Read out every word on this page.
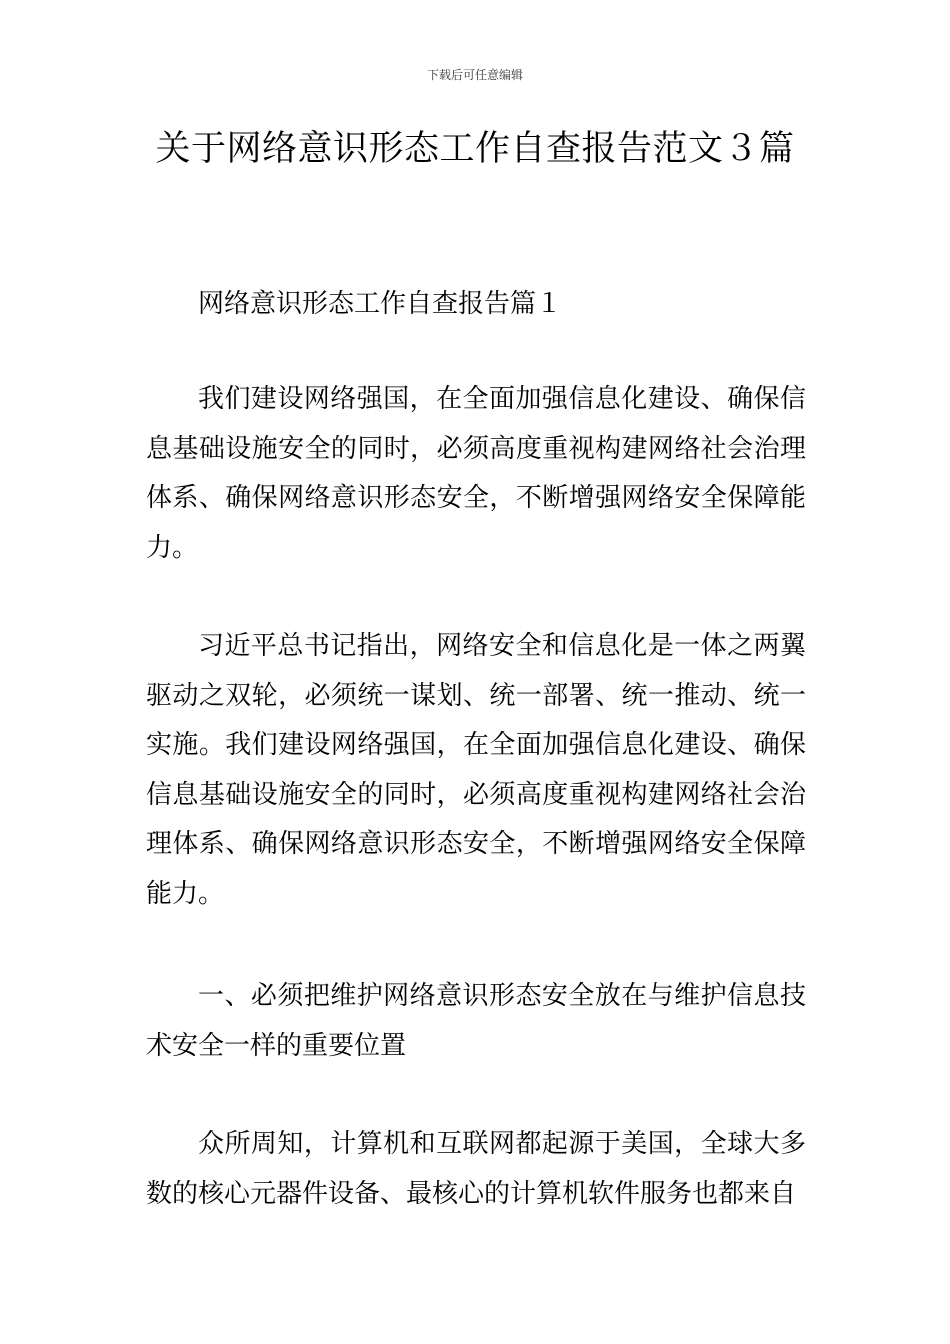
下载后可任意编辑
关于网络意识形态工作自查报告范文３篇

网络意识形态工作自查报告篇１

我们建设网络强国，在全面加强信息化建设、确保信息基础设施安全的同时，必须高度重视构建网络社会治理体系、确保网络意识形态安全，不断增强网络安全保障能力。

习近平总书记指出，网络安全和信息化是一体之两翼驱动之双轮，必须统一谋划、统一部署、统一推动、统一实施。我们建设网络强国，在全面加强信息化建设、确保信息基础设施安全的同时，必须高度重视构建网络社会治理体系、确保网络意识形态安全，不断增强网络安全保障能力。

一、必须把维护网络意识形态安全放在与维护信息技术安全一样的重要位置

众所周知，计算机和互联网都起源于美国，全球大多数的核心元器件设备、最核心的计算机软件服务也都来自
